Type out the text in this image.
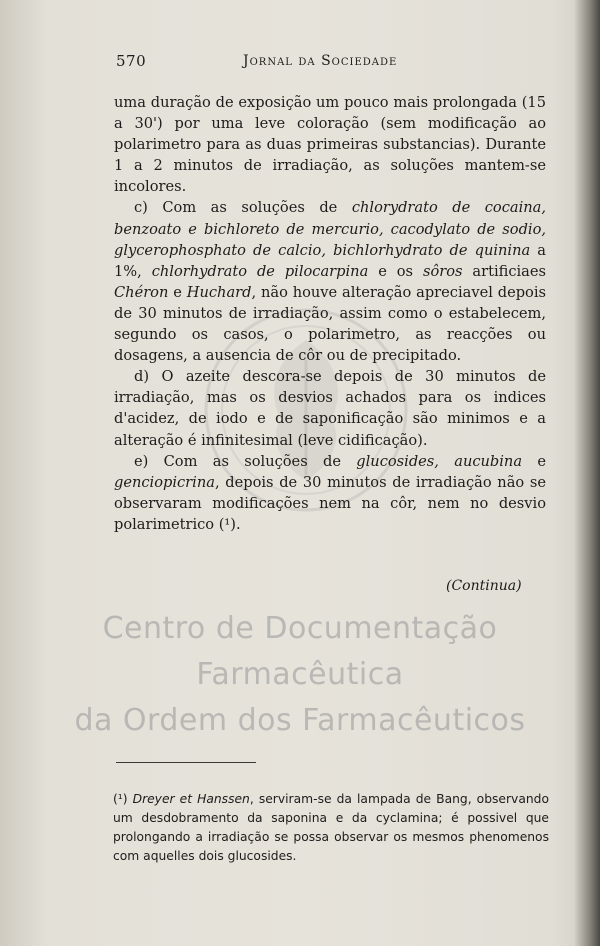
570	Jornal da Sociedade

uma duração de exposição um pouco mais prolongada (15 a 30') por uma leve coloração (sem modificação ao polarimetro para as duas primeiras substancias). Durante 1 a 2 minutos de irradiação, as soluções mantem-se incolores.

c) Com as soluções de chlorydrato de cocaina, benzoato e bichloreto de mercurio, cacodylato de sodio, glycerophosphato de calcio, bichlorhydrato de quinina a 1%, chlorhydrato de pilocarpina e os sôros artificiaes Chéron e Huchard, não houve alteração apreciavel depois de 30 minutos de irradiação, assim como o estabelecem, segundo os casos, o polarimetro, as reacções ou dosagens, a ausencia de côr ou de precipitado.

d) O azeite descora-se depois de 30 minutos de irradiação, mas os desvios achados para os indices d'acidez, de iodo e de saponificação são minimos e a alteração é infinitesimal (leve cidificação).

e) Com as soluções de glucosides, aucubina e genciopicrina, depois de 30 minutos de irradiação não se observaram modificações nem na côr, nem no desvio polarimetrico (¹).

(Continua)
Centro de Documentação Farmacêutica
da Ordem dos Farmacêuticos
(¹) Dreyer et Hanssen, serviram-se da lampada de Bang, observando um desdobramento da saponina e da cyclamina; é possivel que prolongando a irradiação se possa observar os mesmos phenomenos com aquelles dois glucosides.
